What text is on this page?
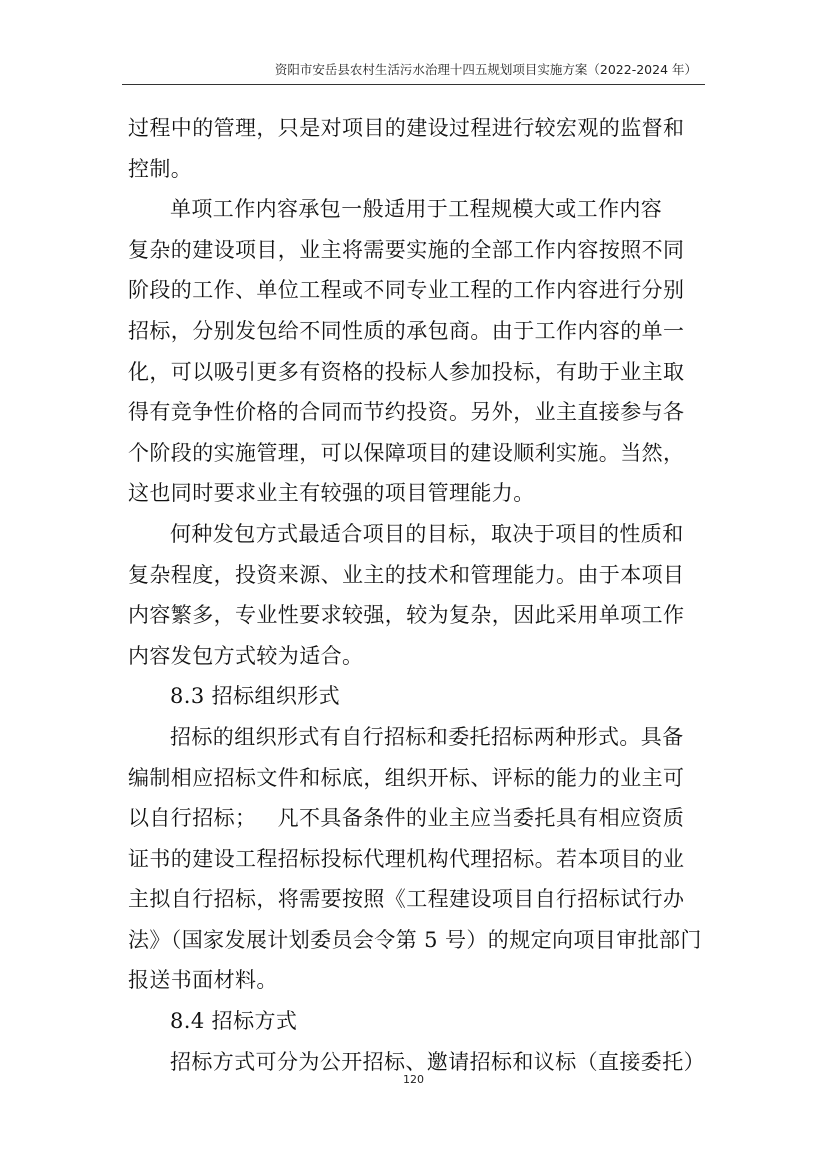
资阳市安岳县农村生活污水治理十四五规划项目实施方案（2022-2024 年）
过程中的管理，只是对项目的建设过程进行较宏观的监督和
控制。
单项工作内容承包一般适用于工程规模大或工作内容
复杂的建设项目，业主将需要实施的全部工作内容按照不同
阶段的工作、单位工程或不同专业工程的工作内容进行分别
招标，分别发包给不同性质的承包商。由于工作内容的单一
化，可以吸引更多有资格的投标人参加投标，有助于业主取
得有竞争性价格的合同而节约投资。另外，业主直接参与各
个阶段的实施管理，可以保障项目的建设顺利实施。当然，
这也同时要求业主有较强的项目管理能力。
何种发包方式最适合项目的目标，取决于项目的性质和
复杂程度，投资来源、业主的技术和管理能力。由于本项目
内容繁多，专业性要求较强，较为复杂，因此采用单项工作
内容发包方式较为适合。
8.3 招标组织形式
招标的组织形式有自行招标和委托招标两种形式。具备
编制相应招标文件和标底，组织开标、评标的能力的业主可
以自行招标；   凡不具备条件的业主应当委托具有相应资质
证书的建设工程招标投标代理机构代理招标。若本项目的业
主拟自行招标，将需要按照《工程建设项目自行招标试行办
法》（国家发展计划委员会令第 5 号）的规定向项目审批部门
报送书面材料。
8.4 招标方式
招标方式可分为公开招标、邀请招标和议标（直接委托）
120
